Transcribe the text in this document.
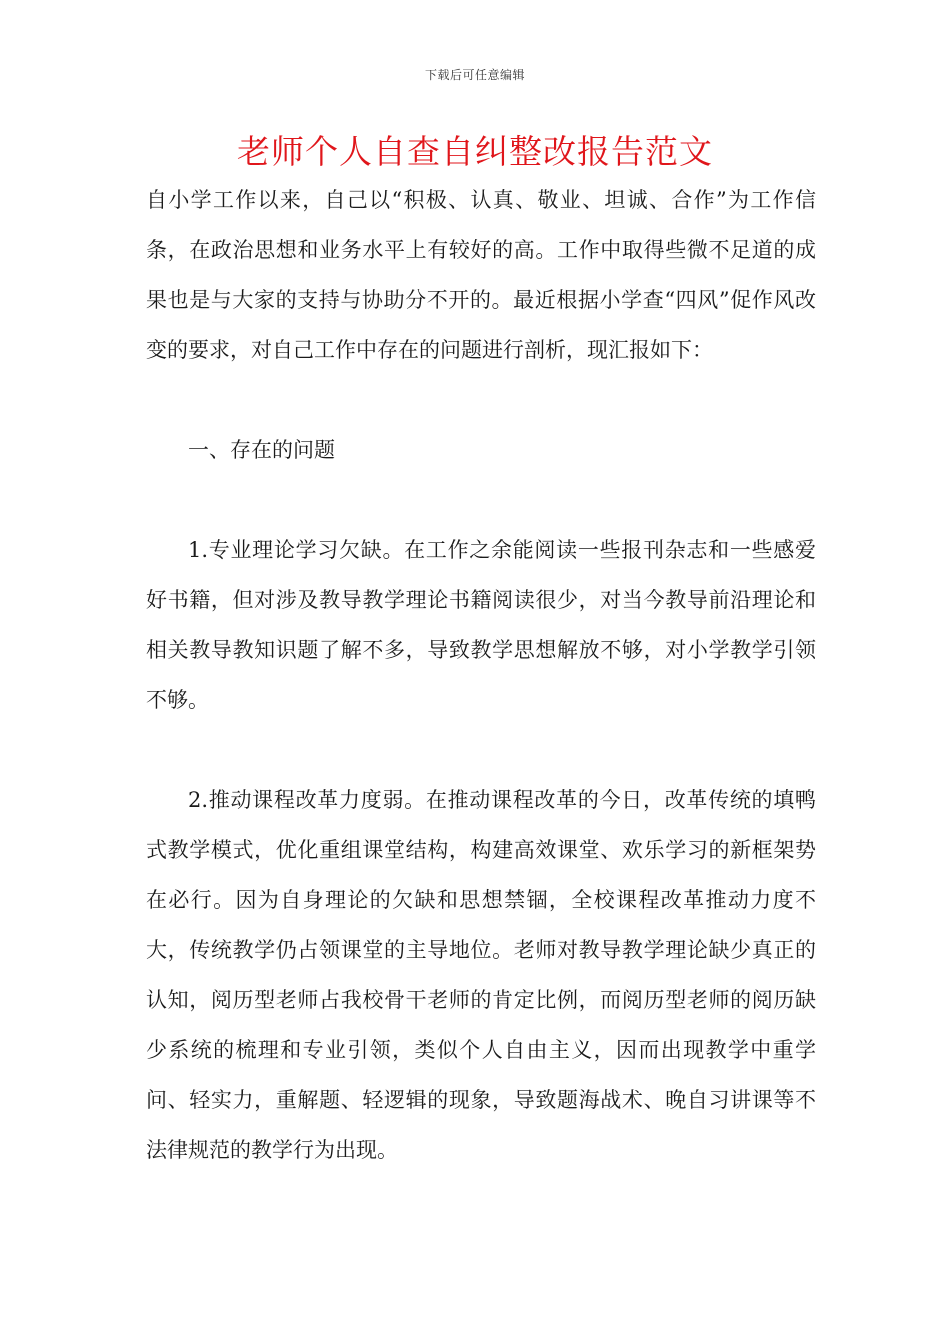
下载后可任意编辑
老师个人自查自纠整改报告范文

自小学工作以来，自己以“积极、认真、敬业、坦诚、合作”为工作信条，在政治思想和业务水平上有较好的高。工作中取得些微不足道的成果也是与大家的支持与协助分不开的。最近根据小学查“四风”促作风改变的要求，对自己工作中存在的问题进行剖析，现汇报如下：

一、存在的问题

1.专业理论学习欠缺。在工作之余能阅读一些报刊杂志和一些感爱好书籍，但对涉及教导教学理论书籍阅读很少，对当今教导前沿理论和相关教导教知识题了解不多，导致教学思想解放不够，对小学教学引领不够。

2.推动课程改革力度弱。在推动课程改革的今日，改革传统的填鸭式教学模式，优化重组课堂结构，构建高效课堂、欢乐学习的新框架势在必行。因为自身理论的欠缺和思想禁锢，全校课程改革推动力度不大，传统教学仍占领课堂的主导地位。老师对教导教学理论缺少真正的认知，阅历型老师占我校骨干老师的肯定比例，而阅历型老师的阅历缺少系统的梳理和专业引领，类似个人自由主义，因而出现教学中重学问、轻实力，重解题、轻逻辑的现象，导致题海战术、晚自习讲课等不法律规范的教学行为出现。
